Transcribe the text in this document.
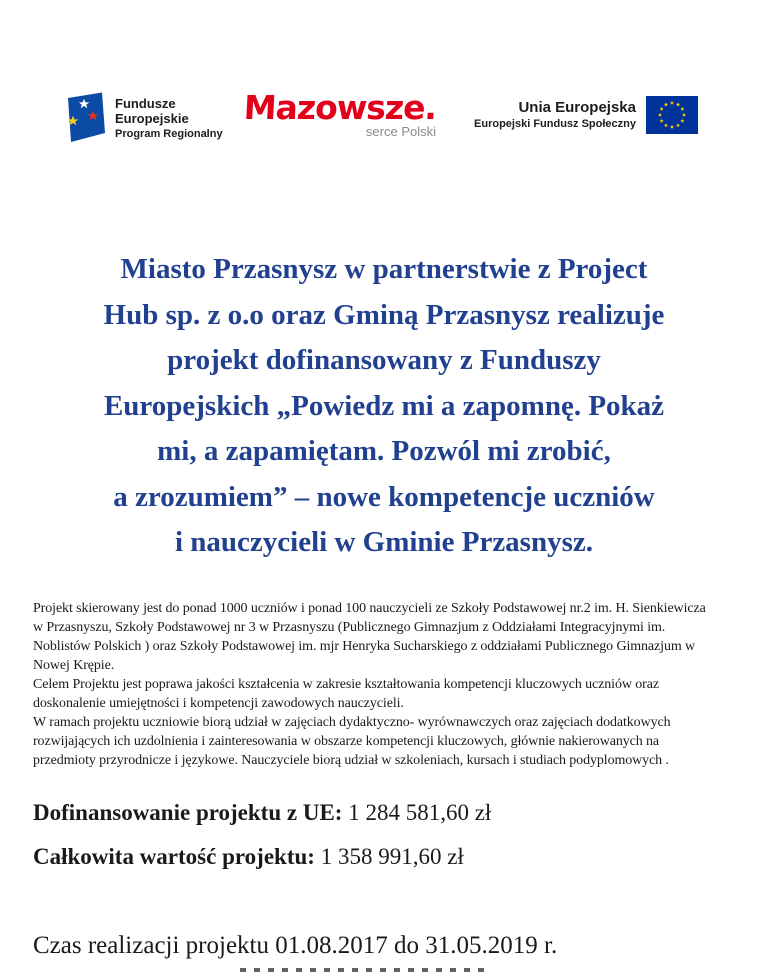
Fundusze
Europejskie
Program Regionalny
Mazowsze.
serce Polski
Unia Europejska
Europejski Fundusz Społeczny
Miasto Przasnysz w partnerstwie z Project
Hub sp. z o.o oraz Gminą Przasnysz realizuje
projekt dofinansowany z Funduszy
Europejskich „Powiedz mi a zapomnę. Pokaż
mi, a zapamiętam. Pozwól mi zrobić,
a zrozumiem” – nowe kompetencje uczniów
i nauczycieli w Gminie Przasnysz.
Projekt skierowany jest do ponad 1000 uczniów i ponad 100 nauczycieli ze Szkoły Podstawowej nr.2 im. H. Sienkiewicza
w Przasnyszu, Szkoły Podstawowej nr 3 w Przasnyszu (Publicznego Gimnazjum z Oddziałami Integracyjnymi im.
Noblistów Polskich ) oraz Szkoły Podstawowej im. mjr Henryka Sucharskiego z oddziałami Publicznego Gimnazjum w
Nowej Krępie.
Celem Projektu jest poprawa jakości kształcenia w zakresie kształtowania kompetencji kluczowych uczniów oraz
doskonalenie umiejętności i kompetencji zawodowych nauczycieli.
W ramach projektu uczniowie biorą udział w zajęciach dydaktyczno- wyrównawczych oraz zajęciach dodatkowych
rozwijających ich uzdolnienia i zainteresowania w obszarze kompetencji kluczowych, głównie nakierowanych na
przedmioty przyrodnicze i językowe. Nauczyciele biorą udział w szkoleniach, kursach i studiach podyplomowych .
Dofinansowanie projektu z UE: 1 284 581,60 zł
Całkowita wartość projektu: 1 358 991,60 zł
Czas realizacji projektu 01.08.2017 do 31.05.2019 r.
